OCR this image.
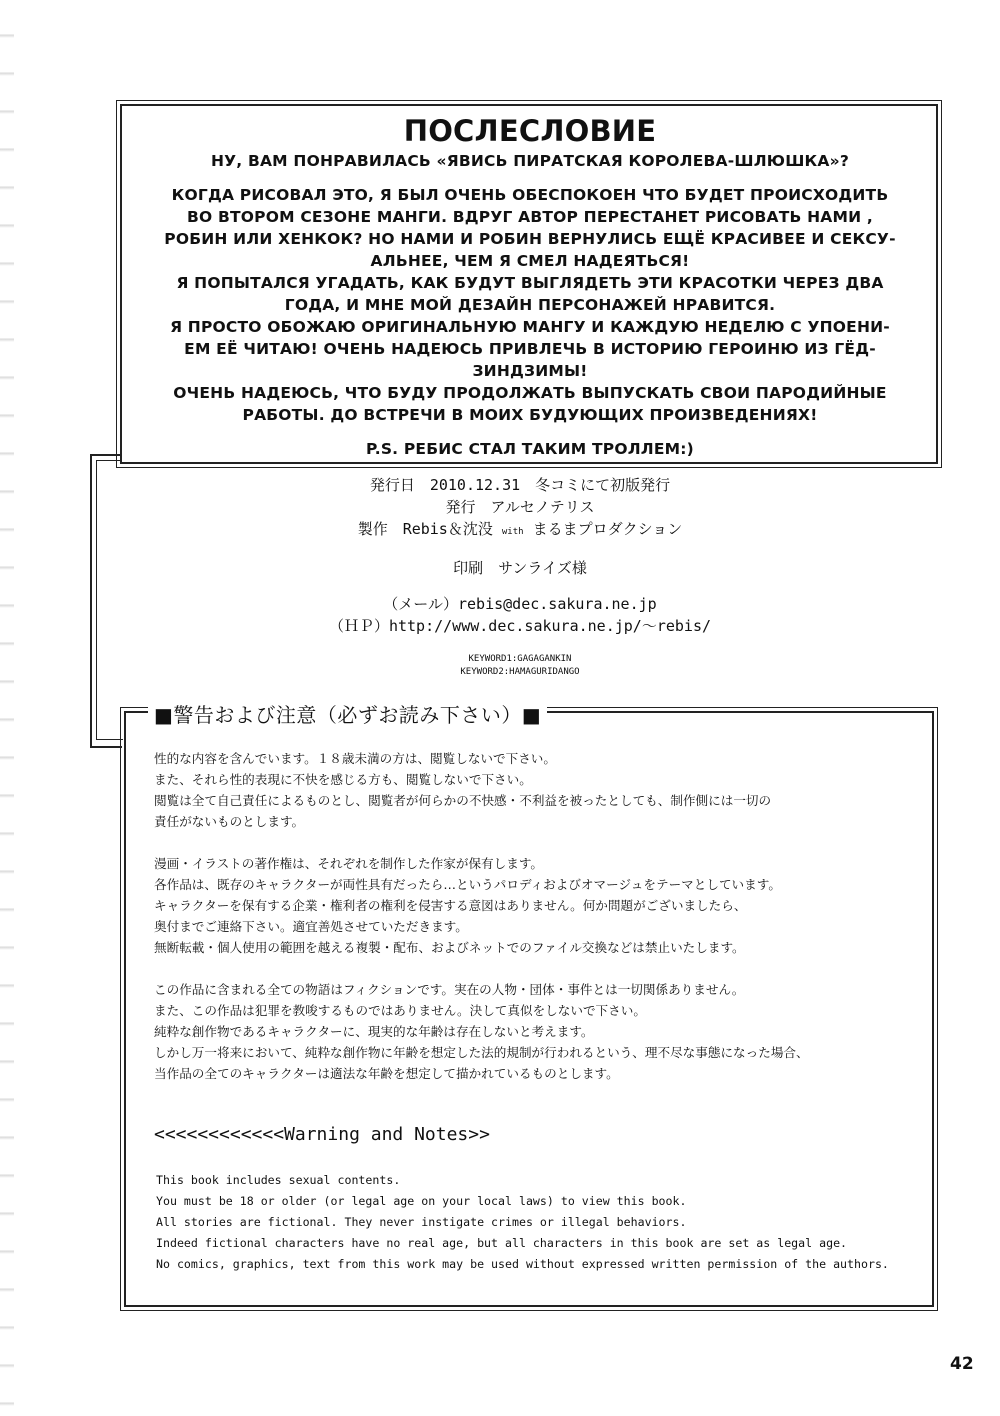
ПОСЛЕСЛОВИЕ

НУ, ВАМ ПОНРАВИЛАСЬ «ЯВИСЬ ПИРАТСКАЯ КОРОЛЕВА-ШЛЮШКА»?

КОГДА РИСОВАЛ ЭТО, Я БЫЛ ОЧЕНЬ ОБЕСПОКОЕН ЧТО БУДЕТ ПРОИСХОДИТЬ

ВО ВТОРОМ СЕЗОНЕ МАНГИ. ВДРУГ АВТОР ПЕРЕСТАНЕТ РИСОВАТЬ НАМИ ,

РОБИН ИЛИ ХЕНКОК? НО НАМИ И РОБИН ВЕРНУЛИСЬ ЕЩЁ КРАСИВЕЕ И СЕКСУ-

АЛЬНЕЕ, ЧЕМ Я СМЕЛ НАДЕЯТЬСЯ!

Я ПОПЫТАЛСЯ УГАДАТЬ, КАК БУДУТ ВЫГЛЯДЕТЬ ЭТИ КРАСОТКИ ЧЕРЕЗ ДВА

ГОДА, И МНЕ МОЙ ДЕЗАЙН ПЕРСОНАЖЕЙ НРАВИТСЯ.

Я ПРОСТО ОБОЖАЮ ОРИГИНАЛЬНУЮ МАНГУ И КАЖДУЮ НЕДЕЛЮ С УПОЕНИ-

ЕМ ЕЁ ЧИТАЮ! ОЧЕНЬ НАДЕЮСЬ ПРИВЛЕЧЬ В ИСТОРИЮ ГЕРОИНЮ ИЗ ГЁД-

ЗИНДЗИМЫ!

ОЧЕНЬ НАДЕЮСЬ, ЧТО БУДУ ПРОДОЛЖАТЬ ВЫПУСКАТЬ СВОИ ПАРОДИЙНЫЕ

РАБОТЫ. ДО ВСТРЕЧИ В МОИХ БУДУЮЩИХ ПРОИЗВЕДЕНИЯХ!

P.S. РЕБИС СТАЛ ТАКИМ ТРОЛЛЕМ:)

発行日　2010.12.31　冬コミにて初版発行

発行　アルセノテリス

製作　Rebis＆沈没 with まるまプロダクション

印刷　サンライズ様

（メール）rebis@dec.sakura.ne.jp

（ＨＰ）http://www.dec.sakura.ne.jp/～rebis/

KEYWORD1:GAGAGANKIN

KEYWORD2:HAMAGURIDANGO

■警告および注意（必ずお読み下さい）■

性的な内容を含んでいます。１８歳未満の方は、閲覧しないで下さい。

また、それら性的表現に不快を感じる方も、閲覧しないで下さい。

閲覧は全て自己責任によるものとし、閲覧者が何らかの不快感・不利益を被ったとしても、制作側には一切の

責任がないものとします。

漫画・イラストの著作権は、それぞれを制作した作家が保有します。

各作品は、既存のキャラクターが両性具有だったら…というパロディおよびオマージュをテーマとしています。

キャラクターを保有する企業・権利者の権利を侵害する意図はありません。何か問題がございましたら、

奥付までご連絡下さい。適宜善処させていただきます。

無断転載・個人使用の範囲を越える複製・配布、およびネットでのファイル交換などは禁止いたします。

この作品に含まれる全ての物語はフィクションです。実在の人物・団体・事件とは一切関係ありません。

また、この作品は犯罪を教唆するものではありません。決して真似をしないで下さい。

純粋な創作物であるキャラクターに、現実的な年齢は存在しないと考えます。

しかし万一将来において、純粋な創作物に年齢を想定した法的規制が行われるという、理不尽な事態になった場合、

当作品の全てのキャラクターは適法な年齢を想定して描かれているものとします。

<<<<<<<<<<<<Warning and Notes>>

This book includes sexual contents.

You must be 18 or older (or legal age on your local laws) to view this book.

All stories are fictional. They never instigate crimes or illegal behaviors.

Indeed fictional characters have no real age, but all characters in this book are set as legal age.

No comics, graphics, text from this work may be used without expressed written permission of the authors.

42
